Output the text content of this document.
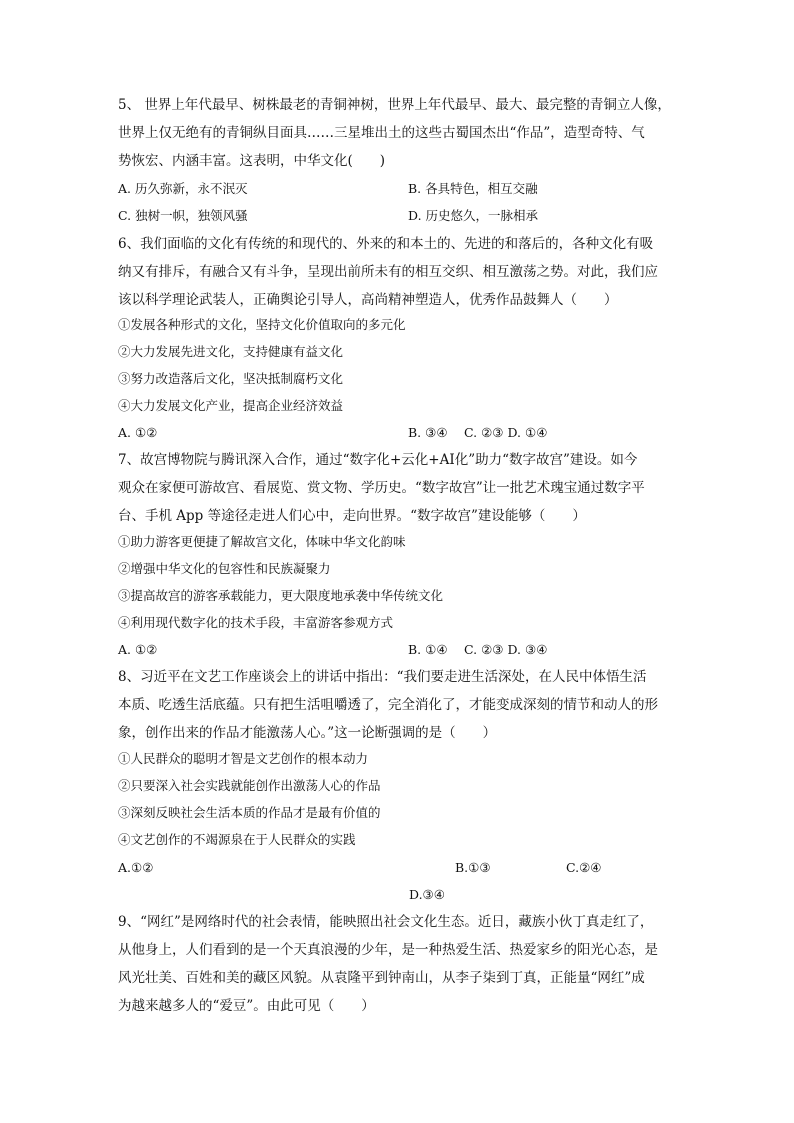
5、 世界上年代最早、树株最老的青铜神树，世界上年代最早、最大、最完整的青铜立人像，
世界上仅无绝有的青铜纵目面具……三星堆出土的这些古蜀国杰出“作品”，造型奇特、气
势恢宏、内涵丰富。这表明，中华文化(　　)
A. 历久弥新，永不泯灭	B. 各具特色，相互交融
C. 独树一帜，独领风骚	D. 历史悠久，一脉相承
6、我们面临的文化有传统的和现代的、外来的和本土的、先进的和落后的，各种文化有吸
纳又有排斥，有融合又有斗争，呈现出前所未有的相互交织、相互激荡之势。对此，我们应
该以科学理论武装人，正确舆论引导人，高尚精神塑造人，优秀作品鼓舞人（　　）
①发展各种形式的文化，坚持文化价值取向的多元化
②大力发展先进文化，支持健康有益文化
③努力改造落后文化，坚决抵制腐朽文化
④大力发展文化产业，提高企业经济效益
A. ①②	B. ③④　 C. ②③ D. ①④
7、故宫博物院与腾讯深入合作，通过“数字化+云化+AI化”助力“数字故宫”建设。如今
观众在家便可游故宫、看展览、赏文物、学历史。“数字故宫”让一批艺术瑰宝通过数字平
台、手机 App 等途径走进人们心中，走向世界。“数字故宫”建设能够（　　）
①助力游客更便捷了解故宫文化，体味中华文化韵味
②增强中华文化的包容性和民族凝聚力
③提高故宫的游客承载能力，更大限度地承袭中华传统文化
④利用现代数字化的技术手段，丰富游客参观方式
A. ①②	B. ①④　 C. ②③ D. ③④
8、习近平在文艺工作座谈会上的讲话中指出：“我们要走进生活深处，在人民中体悟生活
本质、吃透生活底蕴。只有把生活咀嚼透了，完全消化了，才能变成深刻的情节和动人的形
象，创作出来的作品才能激荡人心。”这一论断强调的是（　　）
①人民群众的聪明才智是文艺创作的根本动力
②只要深入社会实践就能创作出激荡人心的作品
③深刻反映社会生活本质的作品才是最有价值的
④文艺创作的不竭源泉在于人民群众的实践
A.①②	B.①③	C.②④
D.③④
9、“网红”是网络时代的社会表情，能映照出社会文化生态。近日，藏族小伙丁真走红了，
从他身上，人们看到的是一个天真浪漫的少年，是一种热爱生活、热爱家乡的阳光心态，是
风光壮美、百姓和美的藏区风貌。从袁隆平到钟南山，从李子柒到丁真，正能量“网红”成
为越来越多人的“爱豆”。由此可见（　　）
